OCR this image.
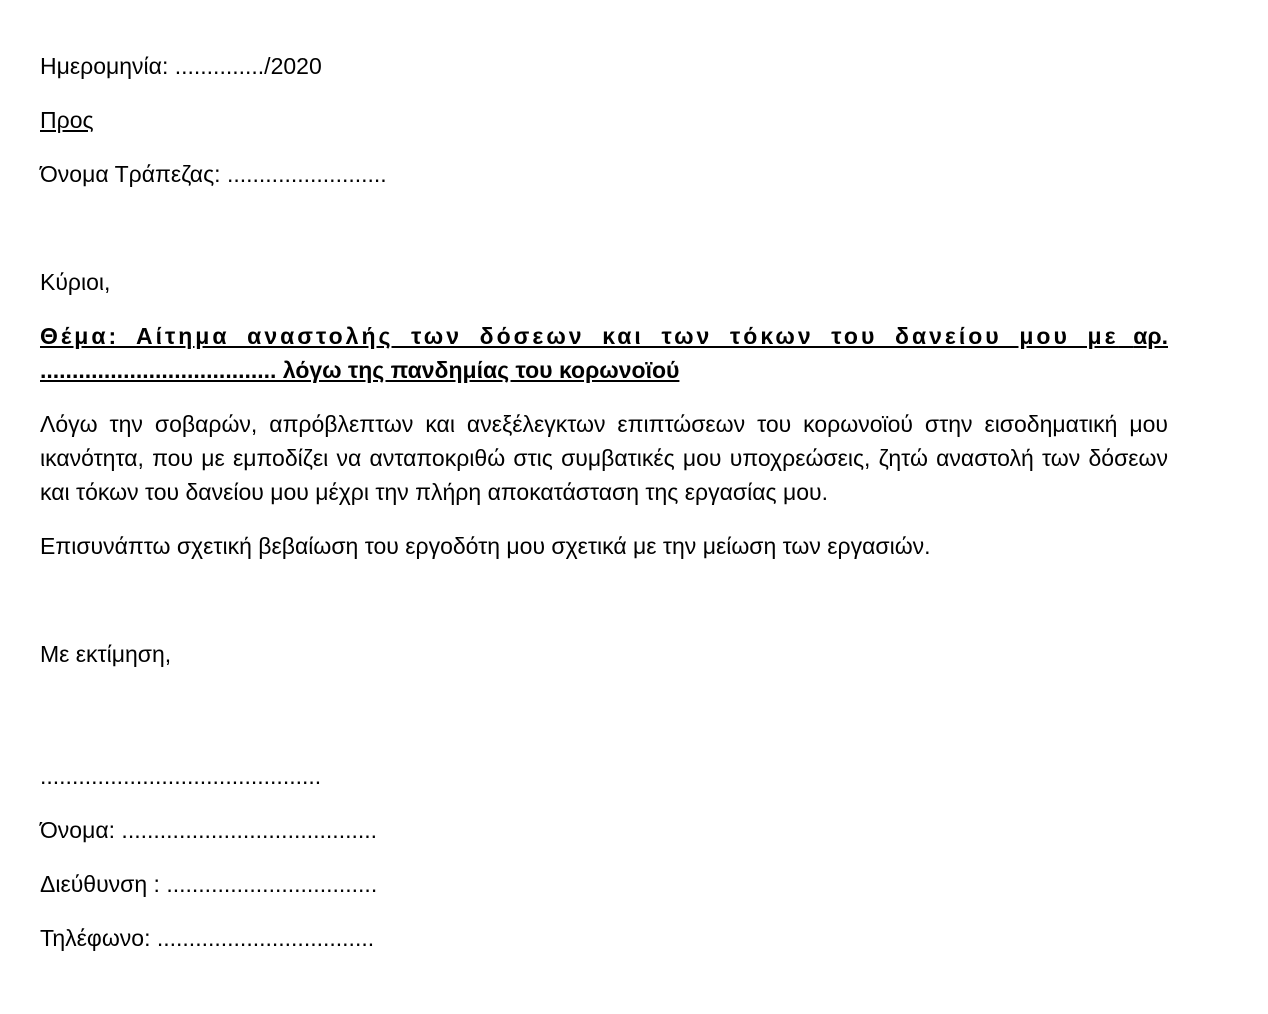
Ημερομηνία: ............../2020

Προς

Όνομα Τράπεζας: .........................

Κύριοι,

Θέμα: Αίτημα αναστολής των δόσεων και των τόκων του δανείου μου με αρ. ..................................... λόγω της πανδημίας του κορωνοϊού

Λόγω την σοβαρών, απρόβλεπτων και ανεξέλεγκτων επιπτώσεων του κορωνοϊού στην εισοδηματική μου ικανότητα, που με εμποδίζει να ανταποκριθώ στις συμβατικές μου υποχρεώσεις, ζητώ αναστολή των δόσεων και τόκων του δανείου μου μέχρι την πλήρη αποκατάσταση της εργασίας μου.

Επισυνάπτω σχετική βεβαίωση του εργοδότη μου σχετικά με την μείωση των εργασιών.

Με εκτίμηση,

............................................

Όνομα: ........................................

Διεύθυνση : .................................

Τηλέφωνο: ..................................
